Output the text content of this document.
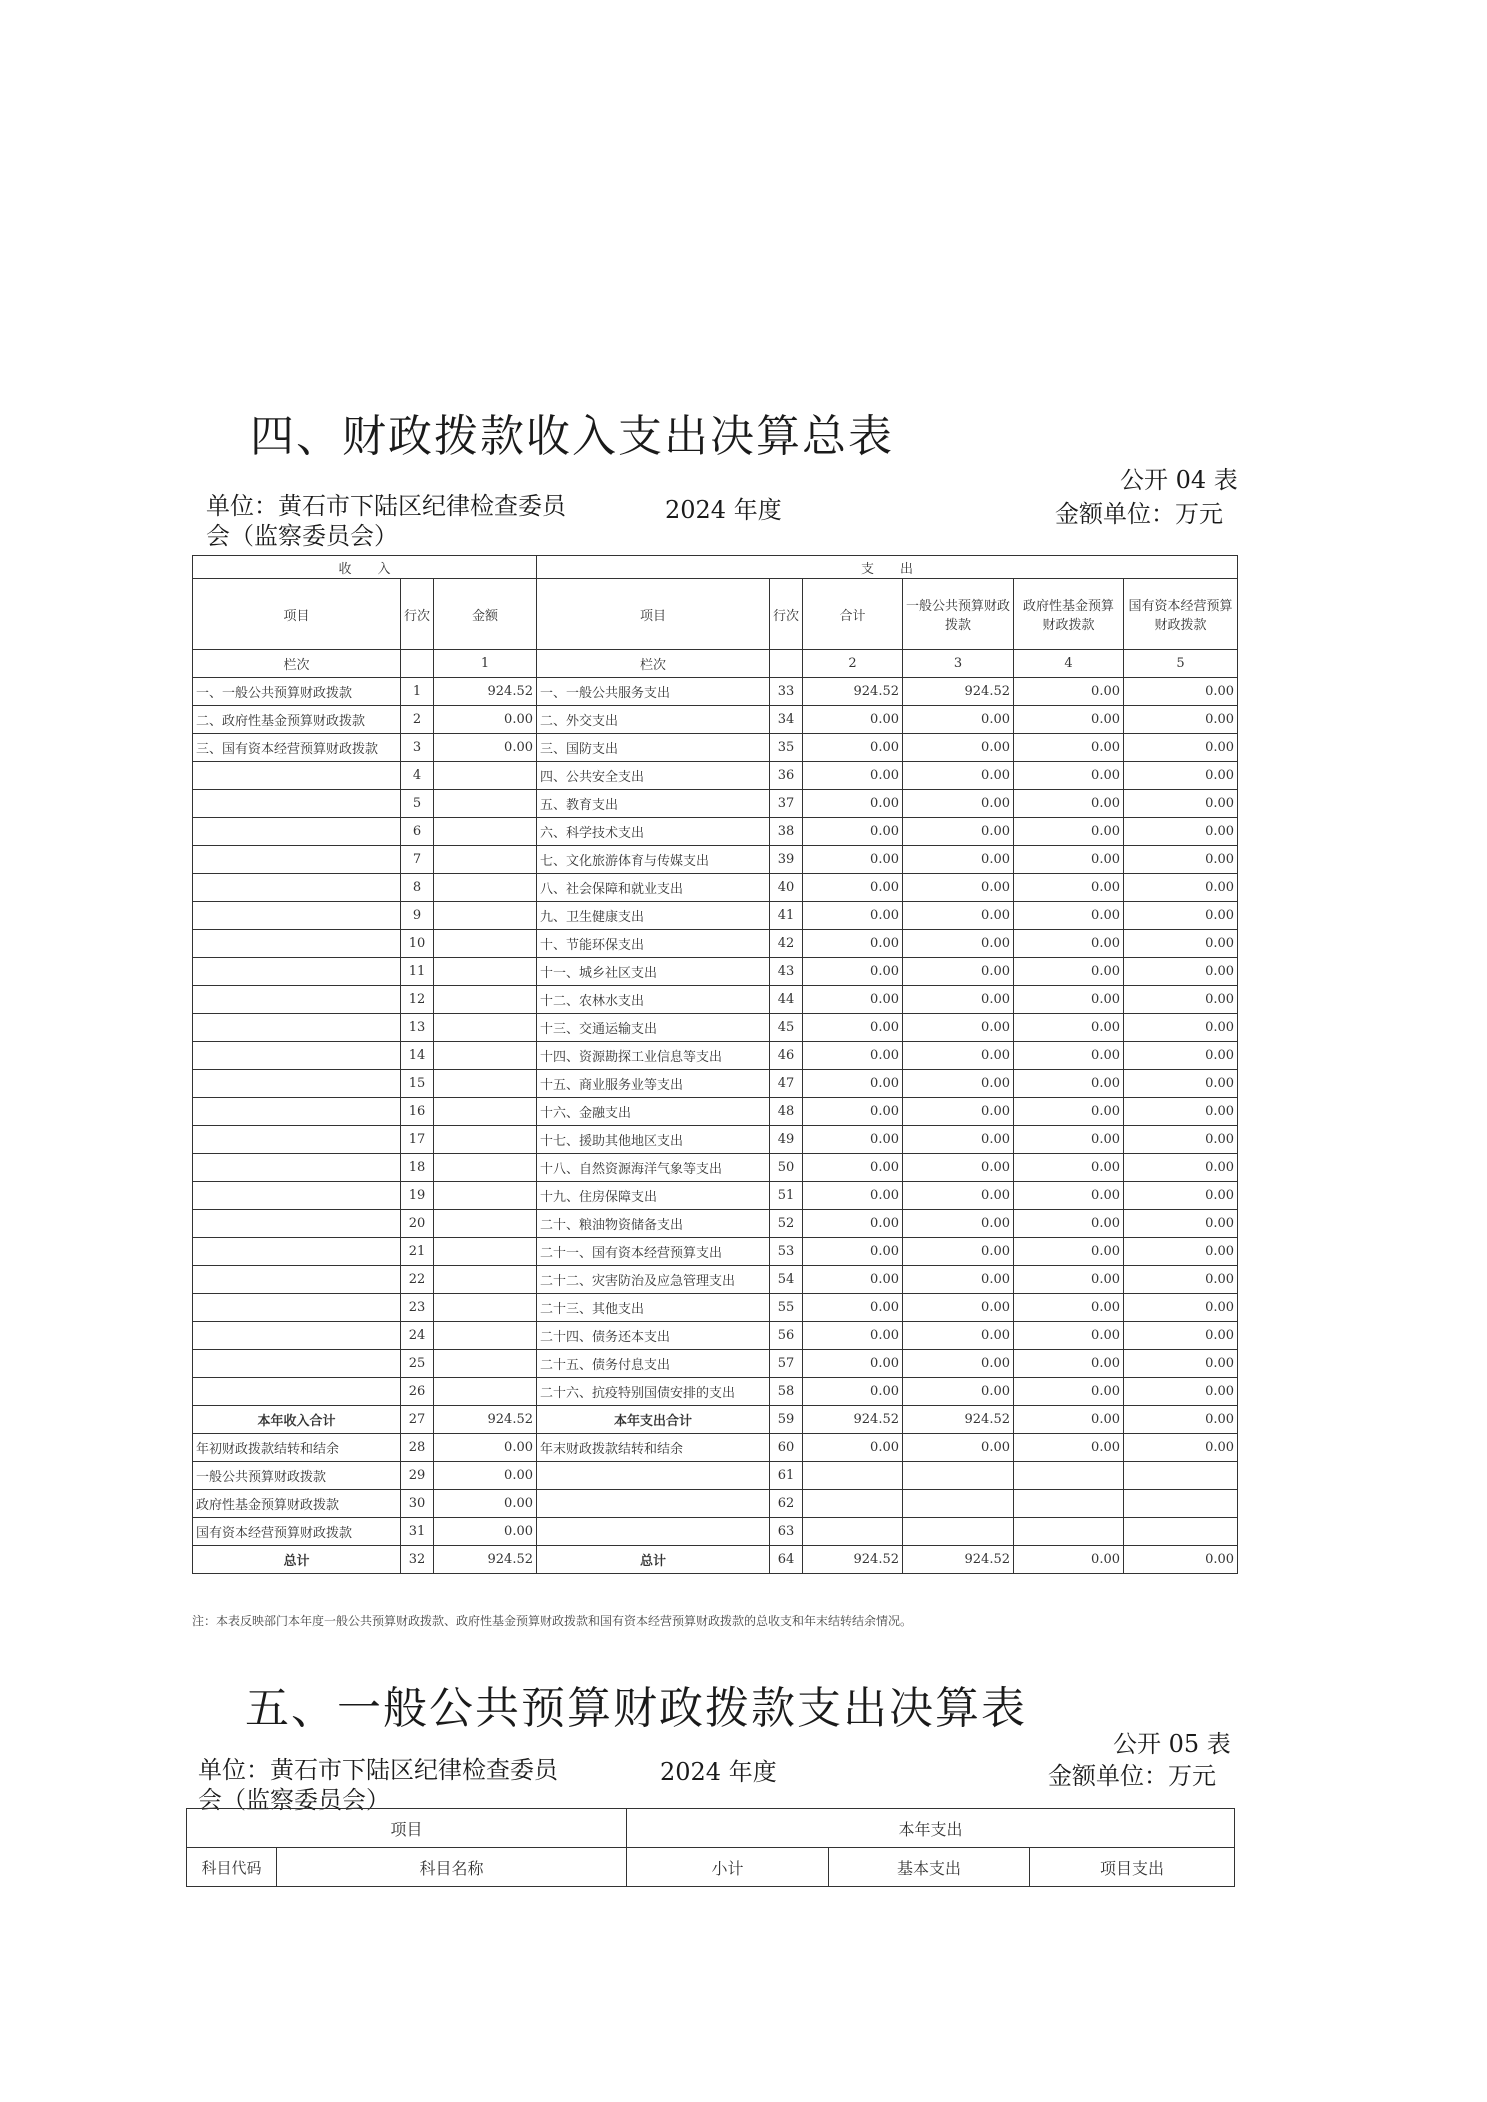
四、财政拨款收入支出决算总表
单位：黄石市下陆区纪律检查委员
会（监察委员会）
2024 年度
公开 04 表
金额单位：万元
收　　入			支　　出					
项目	行次	金额	项目	行次	合计	一般公共预算财政拨款	政府性基金预算财政拨款	国有资本经营预算财政拨款
栏次		1	栏次		2	3	4	5
一、一般公共预算财政拨款	1	924.52	一、一般公共服务支出	33	924.52	924.52	0.00	0.00
二、政府性基金预算财政拨款	2	0.00	二、外交支出	34	0.00	0.00	0.00	0.00
三、国有资本经营预算财政拨款	3	0.00	三、国防支出	35	0.00	0.00	0.00	0.00
	4		四、公共安全支出	36	0.00	0.00	0.00	0.00
	5		五、教育支出	37	0.00	0.00	0.00	0.00
	6		六、科学技术支出	38	0.00	0.00	0.00	0.00
	7		七、文化旅游体育与传媒支出	39	0.00	0.00	0.00	0.00
	8		八、社会保障和就业支出	40	0.00	0.00	0.00	0.00
	9		九、卫生健康支出	41	0.00	0.00	0.00	0.00
	10		十、节能环保支出	42	0.00	0.00	0.00	0.00
	11		十一、城乡社区支出	43	0.00	0.00	0.00	0.00
	12		十二、农林水支出	44	0.00	0.00	0.00	0.00
	13		十三、交通运输支出	45	0.00	0.00	0.00	0.00
	14		十四、资源勘探工业信息等支出	46	0.00	0.00	0.00	0.00
	15		十五、商业服务业等支出	47	0.00	0.00	0.00	0.00
	16		十六、金融支出	48	0.00	0.00	0.00	0.00
	17		十七、援助其他地区支出	49	0.00	0.00	0.00	0.00
	18		十八、自然资源海洋气象等支出	50	0.00	0.00	0.00	0.00
	19		十九、住房保障支出	51	0.00	0.00	0.00	0.00
	20		二十、粮油物资储备支出	52	0.00	0.00	0.00	0.00
	21		二十一、国有资本经营预算支出	53	0.00	0.00	0.00	0.00
	22		二十二、灾害防治及应急管理支出	54	0.00	0.00	0.00	0.00
	23		二十三、其他支出	55	0.00	0.00	0.00	0.00
	24		二十四、债务还本支出	56	0.00	0.00	0.00	0.00
	25		二十五、债务付息支出	57	0.00	0.00	0.00	0.00
	26		二十六、抗疫特别国债安排的支出	58	0.00	0.00	0.00	0.00
本年收入合计	27	924.52	本年支出合计	59	924.52	924.52	0.00	0.00
年初财政拨款结转和结余	28	0.00	年末财政拨款结转和结余	60	0.00	0.00	0.00	0.00
一般公共预算财政拨款	29	0.00		61				
政府性基金预算财政拨款	30	0.00		62				
国有资本经营预算财政拨款	31	0.00		63				
总计	32	924.52	总计	64	924.52	924.52	0.00	0.00
注：本表反映部门本年度一般公共预算财政拨款、政府性基金预算财政拨款和国有资本经营预算财政拨款的总收支和年末结转结余情况。
五、一般公共预算财政拨款支出决算表
单位：黄石市下陆区纪律检查委员
会（监察委员会）
2024 年度
公开 05 表
金额单位：万元
项目		本年支出		
科目代码	科目名称	小计	基本支出	项目支出
